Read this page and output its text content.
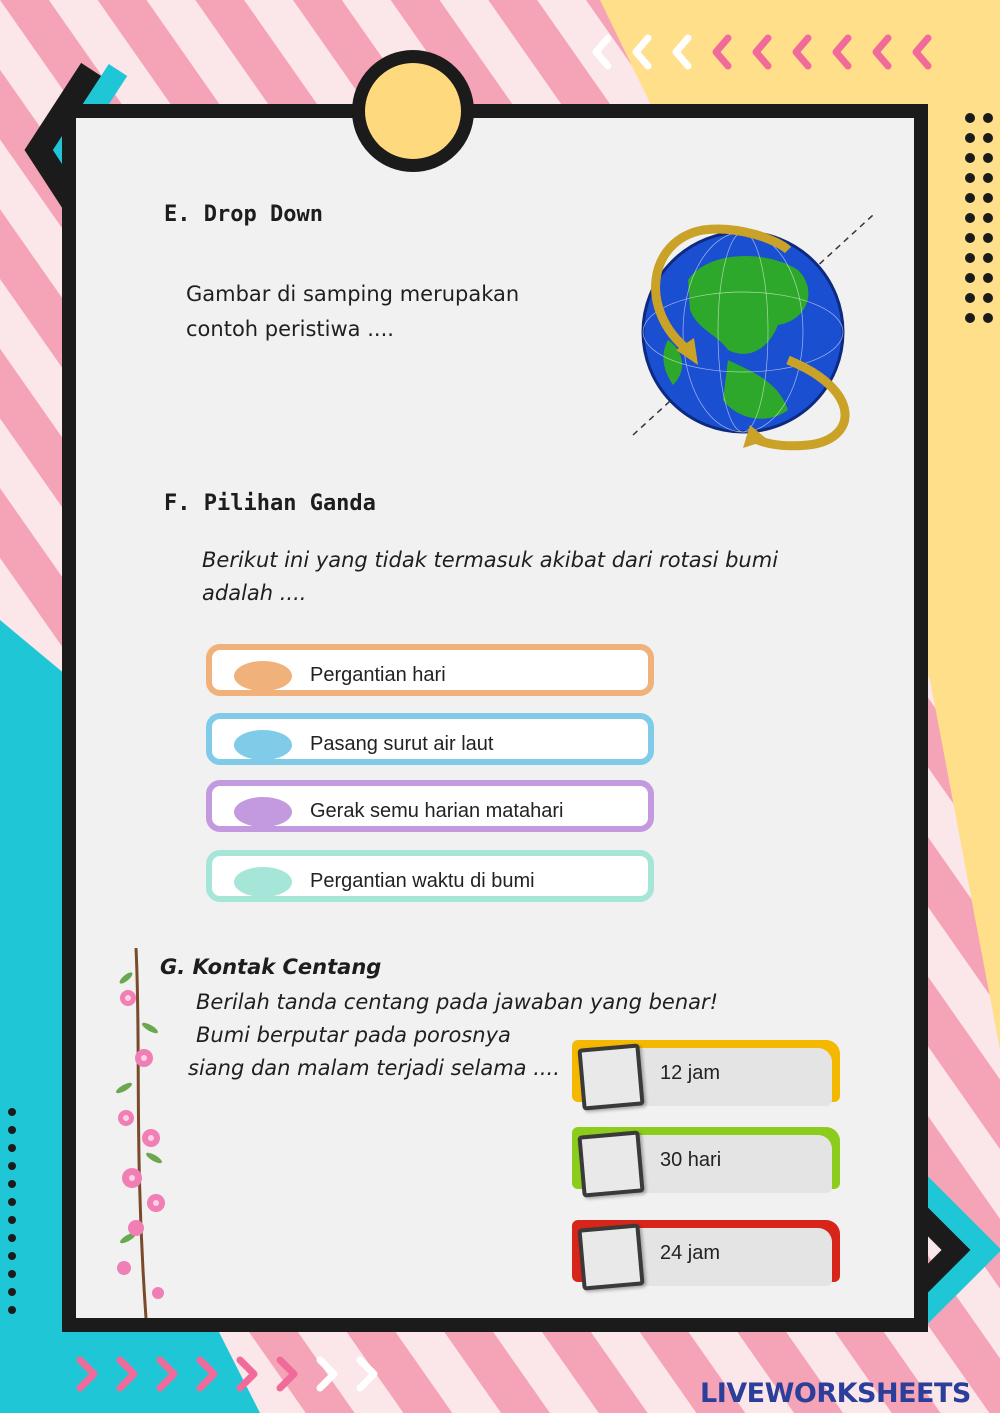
E. Drop Down
Gambar di samping merupakan
contoh peristiwa ....
F. Pilihan Ganda
Berikut ini yang tidak termasuk akibat dari rotasi bumi
adalah ....
Pergantian hari
Pasang surut air laut
Gerak semu harian matahari
Pergantian waktu di bumi
G. Kontak Centang
Berilah tanda centang pada jawaban yang benar!
Bumi berputar pada porosnya
siang dan malam terjadi selama ....	12 jam
30 hari
24 jam
LIVEWORKSHEETS
